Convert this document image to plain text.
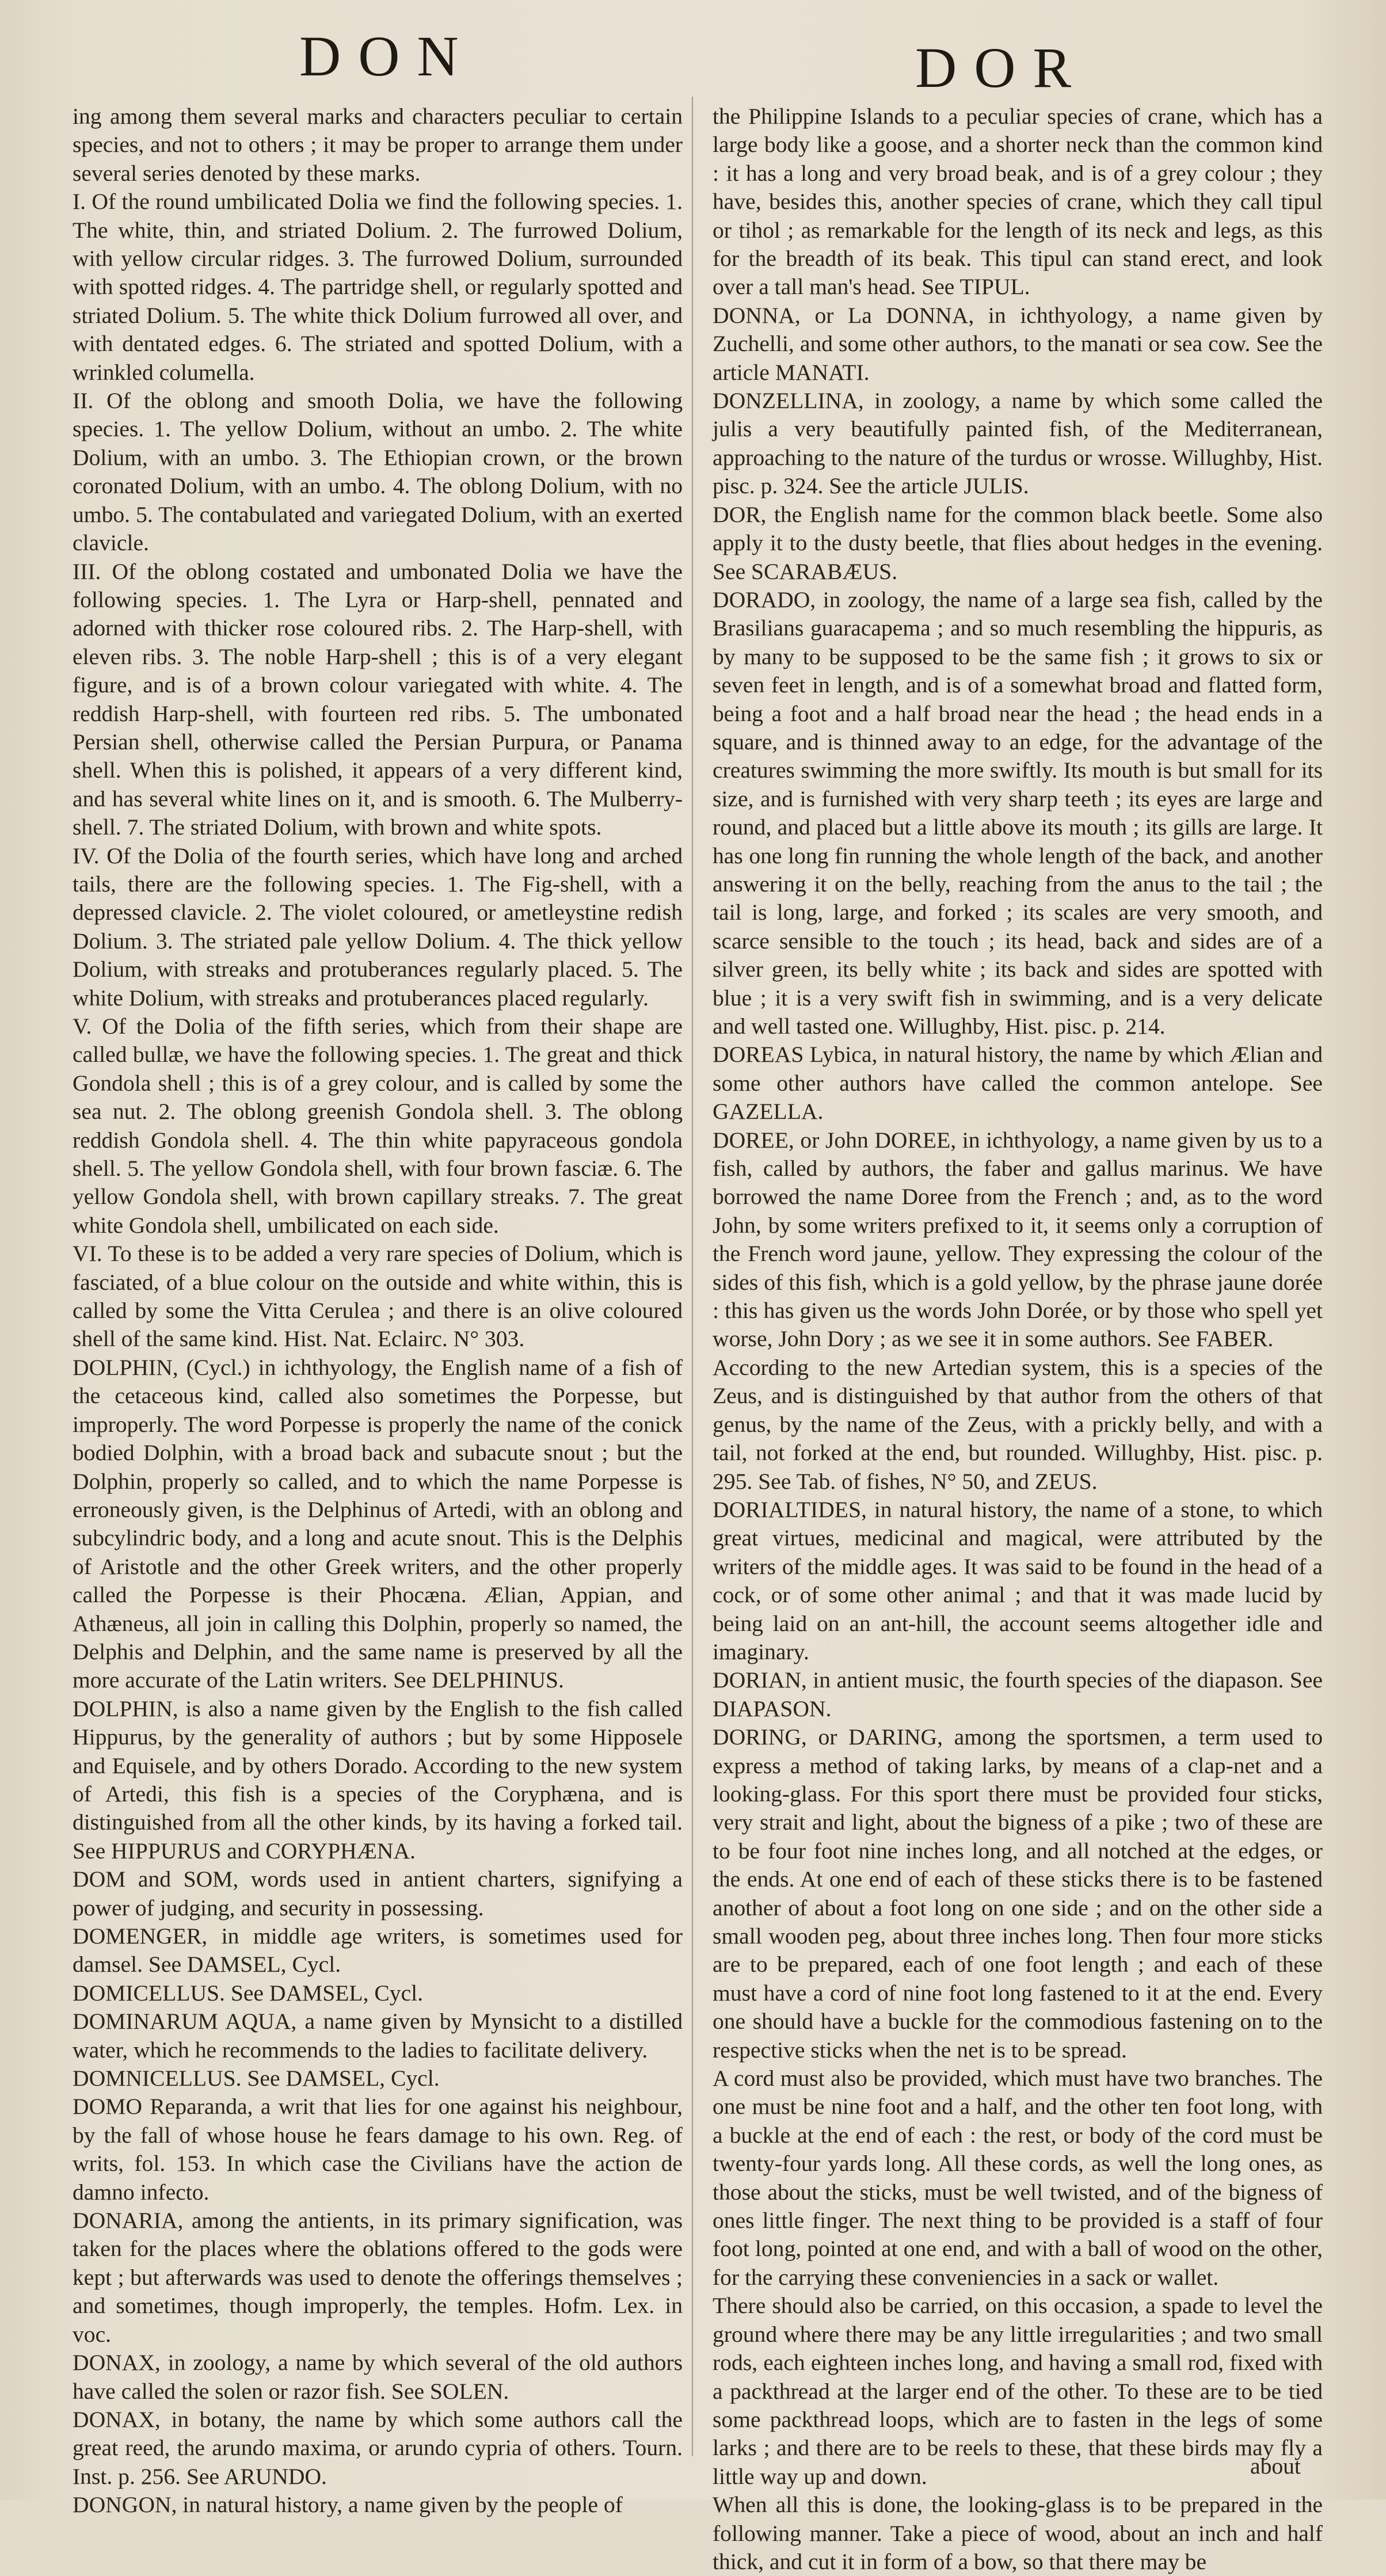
DON	DOR

ing among them several marks and characters peculiar to certain species, and not to others ; it may be proper to arrange them under several series denoted by these marks.

I. Of the round umbilicated Dolia we find the following species. 1. The white, thin, and striated Dolium. 2. The furrowed Dolium, with yellow circular ridges. 3. The furrowed Dolium, surrounded with spotted ridges. 4. The partridge shell, or regularly spotted and striated Dolium. 5. The white thick Dolium furrowed all over, and with dentated edges. 6. The striated and spotted Dolium, with a wrinkled columella.

II. Of the oblong and smooth Dolia, we have the following species. 1. The yellow Dolium, without an umbo. 2. The white Dolium, with an umbo. 3. The Ethiopian crown, or the brown coronated Dolium, with an umbo. 4. The oblong Dolium, with no umbo. 5. The contabulated and variegated Dolium, with an exerted clavicle.

III. Of the oblong costated and umbonated Dolia we have the following species. 1. The Lyra or Harp-shell, pennated and adorned with thicker rose coloured ribs. 2. The Harp-shell, with eleven ribs. 3. The noble Harp-shell ; this is of a very elegant figure, and is of a brown colour variegated with white. 4. The reddish Harp-shell, with fourteen red ribs. 5. The umbonated Persian shell, otherwise called the Persian Purpura, or Panama shell. When this is polished, it appears of a very different kind, and has several white lines on it, and is smooth. 6. The Mulberry-shell. 7. The striated Dolium, with brown and white spots.

IV. Of the Dolia of the fourth series, which have long and arched tails, there are the following species. 1. The Fig-shell, with a depressed clavicle. 2. The violet coloured, or ametleystine redish Dolium. 3. The striated pale yellow Dolium. 4. The thick yellow Dolium, with streaks and protuberances regularly placed. 5. The white Dolium, with streaks and protuberances placed regularly.

V. Of the Dolia of the fifth series, which from their shape are called bullæ, we have the following species. 1. The great and thick Gondola shell ; this is of a grey colour, and is called by some the sea nut. 2. The oblong greenish Gondola shell. 3. The oblong reddish Gondola shell. 4. The thin white papyraceous gondola shell. 5. The yellow Gondola shell, with four brown fasciæ. 6. The yellow Gondola shell, with brown capillary streaks. 7. The great white Gondola shell, umbilicated on each side.

VI. To these is to be added a very rare species of Dolium, which is fasciated, of a blue colour on the outside and white within, this is called by some the Vitta Cerulea ; and there is an olive coloured shell of the same kind. Hist. Nat. Eclairc. N° 303.

DOLPHIN, (Cycl.) in ichthyology, the English name of a fish of the cetaceous kind, called also sometimes the Porpesse, but improperly. The word Porpesse is properly the name of the conick bodied Dolphin, with a broad back and subacute snout ; but the Dolphin, properly so called, and to which the name Porpesse is erroneously given, is the Delphinus of Artedi, with an oblong and subcylindric body, and a long and acute snout. This is the Delphis of Aristotle and the other Greek writers, and the other properly called the Porpesse is their Phocæna. Ælian, Appian, and Athæneus, all join in calling this Dolphin, properly so named, the Delphis and Delphin, and the same name is preserved by all the more accurate of the Latin writers. See DELPHINUS.

DOLPHIN, is also a name given by the English to the fish called Hippurus, by the generality of authors ; but by some Hipposele and Equisele, and by others Dorado. According to the new system of Artedi, this fish is a species of the Coryphæna, and is distinguished from all the other kinds, by its having a forked tail. See HIPPURUS and CORYPHÆNA.

DOM and SOM, words used in antient charters, signifying a power of judging, and security in possessing.

DOMENGER, in middle age writers, is sometimes used for damsel. See DAMSEL, Cycl.

DOMICELLUS. See DAMSEL, Cycl.

DOMINARUM AQUA, a name given by Mynsicht to a distilled water, which he recommends to the ladies to facilitate delivery.

DOMNICELLUS. See DAMSEL, Cycl.

DOMO Reparanda, a writ that lies for one against his neighbour, by the fall of whose house he fears damage to his own. Reg. of writs, fol. 153. In which case the Civilians have the action de damno infecto.

DONARIA, among the antients, in its primary signification, was taken for the places where the oblations offered to the gods were kept ; but afterwards was used to denote the offerings themselves ; and sometimes, though improperly, the temples. Hofm. Lex. in voc.

DONAX, in zoology, a name by which several of the old authors have called the solen or razor fish. See SOLEN.

DONAX, in botany, the name by which some authors call the great reed, the arundo maxima, or arundo cypria of others. Tourn. Inst. p. 256. See ARUNDO.

DONGON, in natural history, a name given by the people of

the Philippine Islands to a peculiar species of crane, which has a large body like a goose, and a shorter neck than the common kind : it has a long and very broad beak, and is of a grey colour ; they have, besides this, another species of crane, which they call tipul or tihol ; as remarkable for the length of its neck and legs, as this for the breadth of its beak. This tipul can stand erect, and look over a tall man's head. See TIPUL.

DONNA, or La DONNA, in ichthyology, a name given by Zuchelli, and some other authors, to the manati or sea cow. See the article MANATI.

DONZELLINA, in zoology, a name by which some called the julis a very beautifully painted fish, of the Mediterranean, approaching to the nature of the turdus or wrosse. Willughby, Hist. pisc. p. 324. See the article JULIS.

DOR, the English name for the common black beetle. Some also apply it to the dusty beetle, that flies about hedges in the evening. See SCARABÆUS.

DORADO, in zoology, the name of a large sea fish, called by the Brasilians guaracapema ; and so much resembling the hippuris, as by many to be supposed to be the same fish ; it grows to six or seven feet in length, and is of a somewhat broad and flatted form, being a foot and a half broad near the head ; the head ends in a square, and is thinned away to an edge, for the advantage of the creatures swimming the more swiftly. Its mouth is but small for its size, and is furnished with very sharp teeth ; its eyes are large and round, and placed but a little above its mouth ; its gills are large. It has one long fin running the whole length of the back, and another answering it on the belly, reaching from the anus to the tail ; the tail is long, large, and forked ; its scales are very smooth, and scarce sensible to the touch ; its head, back and sides are of a silver green, its belly white ; its back and sides are spotted with blue ; it is a very swift fish in swimming, and is a very delicate and well tasted one. Willughby, Hist. pisc. p. 214.

DOREAS Lybica, in natural history, the name by which Ælian and some other authors have called the common antelope. See GAZELLA.

DOREE, or John DOREE, in ichthyology, a name given by us to a fish, called by authors, the faber and gallus marinus. We have borrowed the name Doree from the French ; and, as to the word John, by some writers prefixed to it, it seems only a corruption of the French word jaune, yellow. They expressing the colour of the sides of this fish, which is a gold yellow, by the phrase jaune dorée : this has given us the words John Dorée, or by those who spell yet worse, John Dory ; as we see it in some authors. See FABER.

According to the new Artedian system, this is a species of the Zeus, and is distinguished by that author from the others of that genus, by the name of the Zeus, with a prickly belly, and with a tail, not forked at the end, but rounded. Willughby, Hist. pisc. p. 295. See Tab. of fishes, N° 50, and ZEUS.

DORIALTIDES, in natural history, the name of a stone, to which great virtues, medicinal and magical, were attributed by the writers of the middle ages. It was said to be found in the head of a cock, or of some other animal ; and that it was made lucid by being laid on an ant-hill, the account seems altogether idle and imaginary.

DORIAN, in antient music, the fourth species of the diapason. See DIAPASON.

DORING, or DARING, among the sportsmen, a term used to express a method of taking larks, by means of a clap-net and a looking-glass. For this sport there must be provided four sticks, very strait and light, about the bigness of a pike ; two of these are to be four foot nine inches long, and all notched at the edges, or the ends. At one end of each of these sticks there is to be fastened another of about a foot long on one side ; and on the other side a small wooden peg, about three inches long. Then four more sticks are to be prepared, each of one foot length ; and each of these must have a cord of nine foot long fastened to it at the end. Every one should have a buckle for the commodious fastening on to the respective sticks when the net is to be spread.

A cord must also be provided, which must have two branches. The one must be nine foot and a half, and the other ten foot long, with a buckle at the end of each : the rest, or body of the cord must be twenty-four yards long. All these cords, as well the long ones, as those about the sticks, must be well twisted, and of the bigness of ones little finger. The next thing to be provided is a staff of four foot long, pointed at one end, and with a ball of wood on the other, for the carrying these conveniencies in a sack or wallet.

There should also be carried, on this occasion, a spade to level the ground where there may be any little irregularities ; and two small rods, each eighteen inches long, and having a small rod, fixed with a packthread at the larger end of the other. To these are to be tied some packthread loops, which are to fasten in the legs of some larks ; and there are to be reels to these, that these birds may fly a little way up and down.

When all this is done, the looking-glass is to be prepared in the following manner. Take a piece of wood, about an inch and half thick, and cut it in form of a bow, so that there may be

about
